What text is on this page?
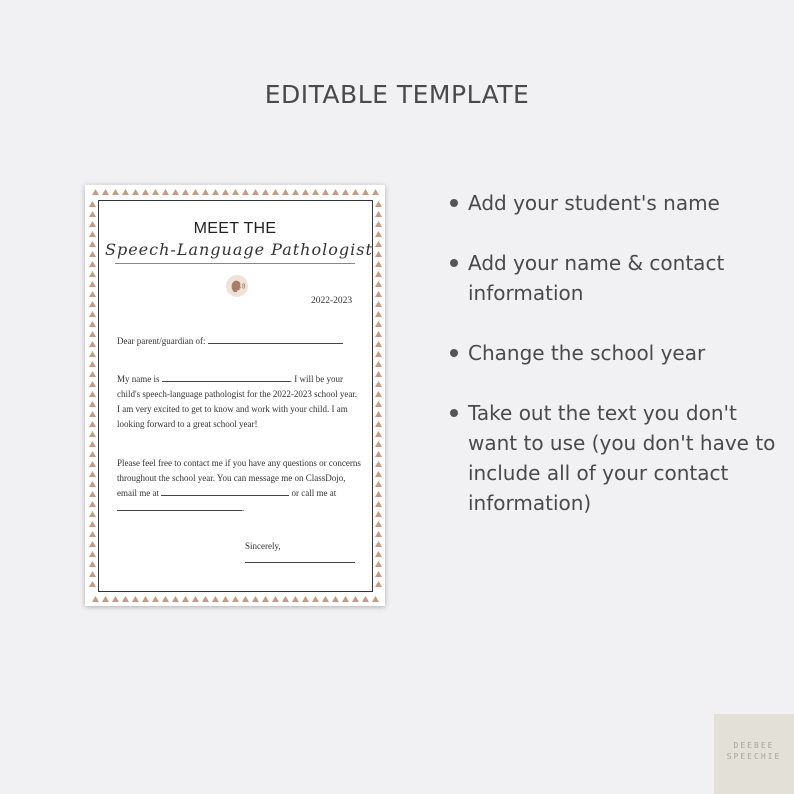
EDITABLE TEMPLATE
MEET THE
Speech-Language Pathologist
2022-2023
Dear parent/guardian of:
My name is	. I will be your child's speech-language pathologist for the 2022-2023 school year. I am very excited to get to know and work with your child. I am looking forward to a great school year!
Please feel free to contact me if you have any questions or concerns throughout the school year. You can message me on ClassDojo, email me at	or call me at .
Sincerely,
Add your student's name
Add your name & contact information
Change the school year
Take out the text you don't want to use (you don't have to include all of your contact information)
DEEBEE
SPEECHIE
